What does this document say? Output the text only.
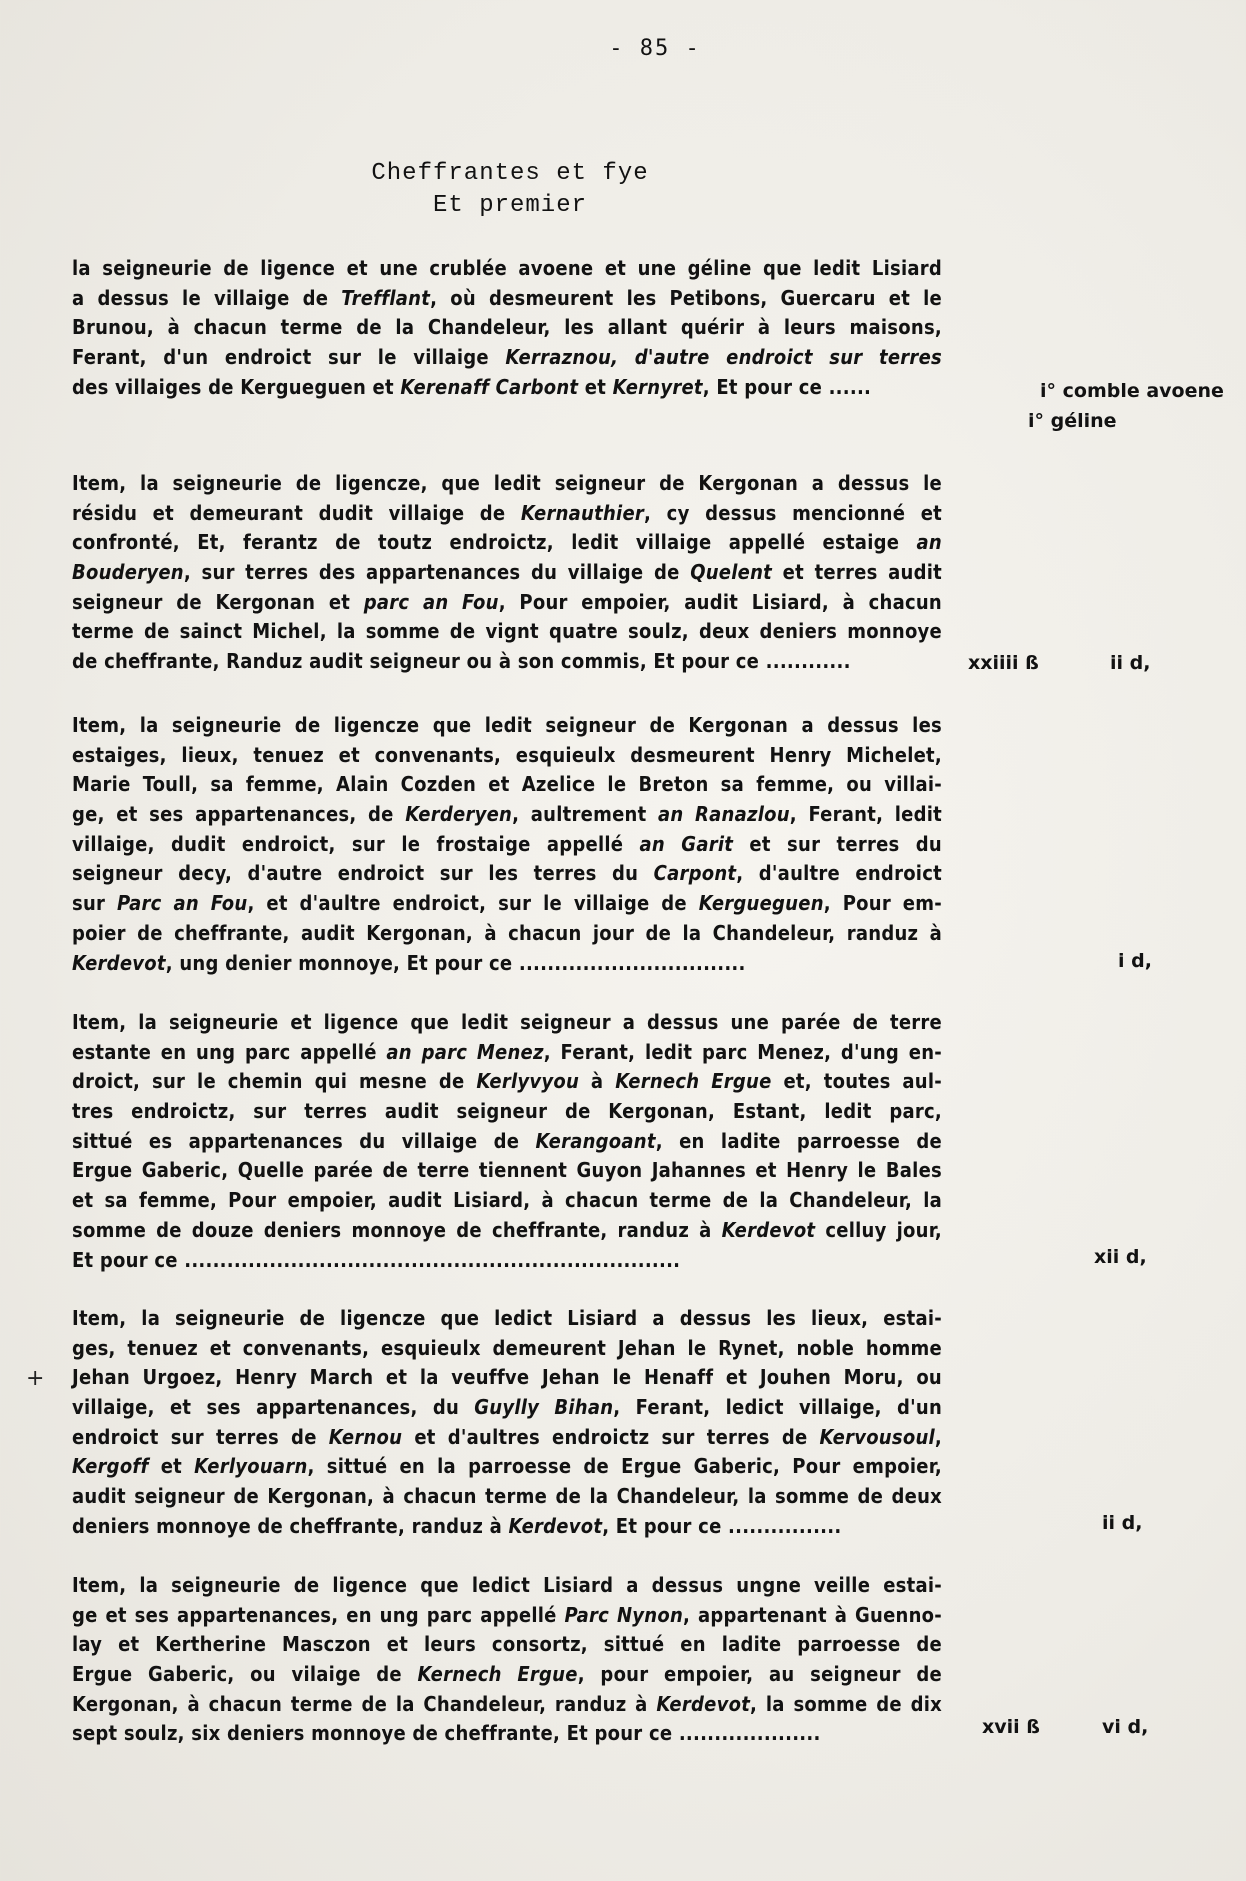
- 85 -
Cheffrantes et fye
Et premier
+
la seigneurie de ligence et une crublée avoene et une géline que ledit Lisiard
a dessus le villaige de Trefflant, où desmeurent les Petibons, Guercaru et le
Brunou, à chacun terme de la Chandeleur, les allant quérir à leurs maisons,
Ferant, d'un endroict sur le villaige Kerraznou, d'autre endroict sur terres
des villaiges de Kergueguen et Kerenaff Carbont et Kernyret, Et pour ce ......
Item, la seigneurie de ligencze, que ledit seigneur de Kergonan a dessus le
résidu et demeurant dudit villaige de Kernauthier, cy dessus mencionné et
confronté, Et, ferantz de toutz endroictz, ledit villaige appellé estaige an
Bouderyen, sur terres des appartenances du villaige de Quelent et terres audit
seigneur de Kergonan et parc an Fou, Pour empoier, audit Lisiard, à chacun
terme de sainct Michel, la somme de vignt quatre soulz, deux deniers monnoye
de cheffrante, Randuz audit seigneur ou à son commis, Et pour ce ............
Item, la seigneurie de ligencze que ledit seigneur de Kergonan a dessus les
estaiges, lieux, tenuez et convenants, esquieulx desmeurent Henry Michelet,
Marie Toull, sa femme, Alain Cozden et Azelice le Breton sa femme, ou villai-
ge, et ses appartenances, de Kerderyen, aultrement an Ranazlou, Ferant, ledit
villaige, dudit endroict, sur le frostaige appellé an Garit et sur terres du
seigneur decy, d'autre endroict sur les terres du Carpont, d'aultre endroict
sur Parc an Fou, et d'aultre endroict, sur le villaige de Kergueguen, Pour em-
poier de cheffrante, audit Kergonan, à chacun jour de la Chandeleur, randuz à
Kerdevot, ung denier monnoye, Et pour ce ................................
Item, la seigneurie et ligence que ledit seigneur a dessus une parée de terre
estante en ung parc appellé an parc Menez, Ferant, ledit parc Menez, d'ung en-
droict, sur le chemin qui mesne de Kerlyvyou à Kernech Ergue et, toutes aul-
tres endroictz, sur terres audit seigneur de Kergonan, Estant, ledit parc,
sittué es appartenances du villaige de Kerangoant, en ladite parroesse de
Ergue Gaberic, Quelle parée de terre tiennent Guyon Jahannes et Henry le Bales
et sa femme, Pour empoier, audit Lisiard, à chacun terme de la Chandeleur, la
somme de douze deniers monnoye de cheffrante, randuz à Kerdevot celluy jour,
Et pour ce ......................................................................
Item, la seigneurie de ligencze que ledict Lisiard a dessus les lieux, estai-
ges, tenuez et convenants, esquieulx demeurent Jehan le Rynet, noble homme
Jehan Urgoez, Henry March et la veuffve Jehan le Henaff et Jouhen Moru, ou
villaige, et ses appartenances, du Guylly Bihan, Ferant, ledict villaige, d'un
endroict sur terres de Kernou et d'aultres endroictz sur terres de Kervousoul,
Kergoff et Kerlyouarn, sittué en la parroesse de Ergue Gaberic, Pour empoier,
audit seigneur de Kergonan, à chacun terme de la Chandeleur, la somme de deux
deniers monnoye de cheffrante, randuz à Kerdevot, Et pour ce ................
Item, la seigneurie de ligence que ledict Lisiard a dessus ungne veille estai-
ge et ses appartenances, en ung parc appellé Parc Nynon, appartenant à Guenno-
lay et Kertherine Masczon et leurs consortz, sittué en ladite parroesse de
Ergue Gaberic, ou vilaige de Kernech Ergue, pour empoier, au seigneur de
Kergonan, à chacun terme de la Chandeleur, randuz à Kerdevot, la somme de dix
sept soulz, six deniers monnoye de cheffrante, Et pour ce ....................
i° comble avoene
i° géline
xxiiii ß	ii d,
i d,
xii d,
ii d,
xvii ß	vi d,
